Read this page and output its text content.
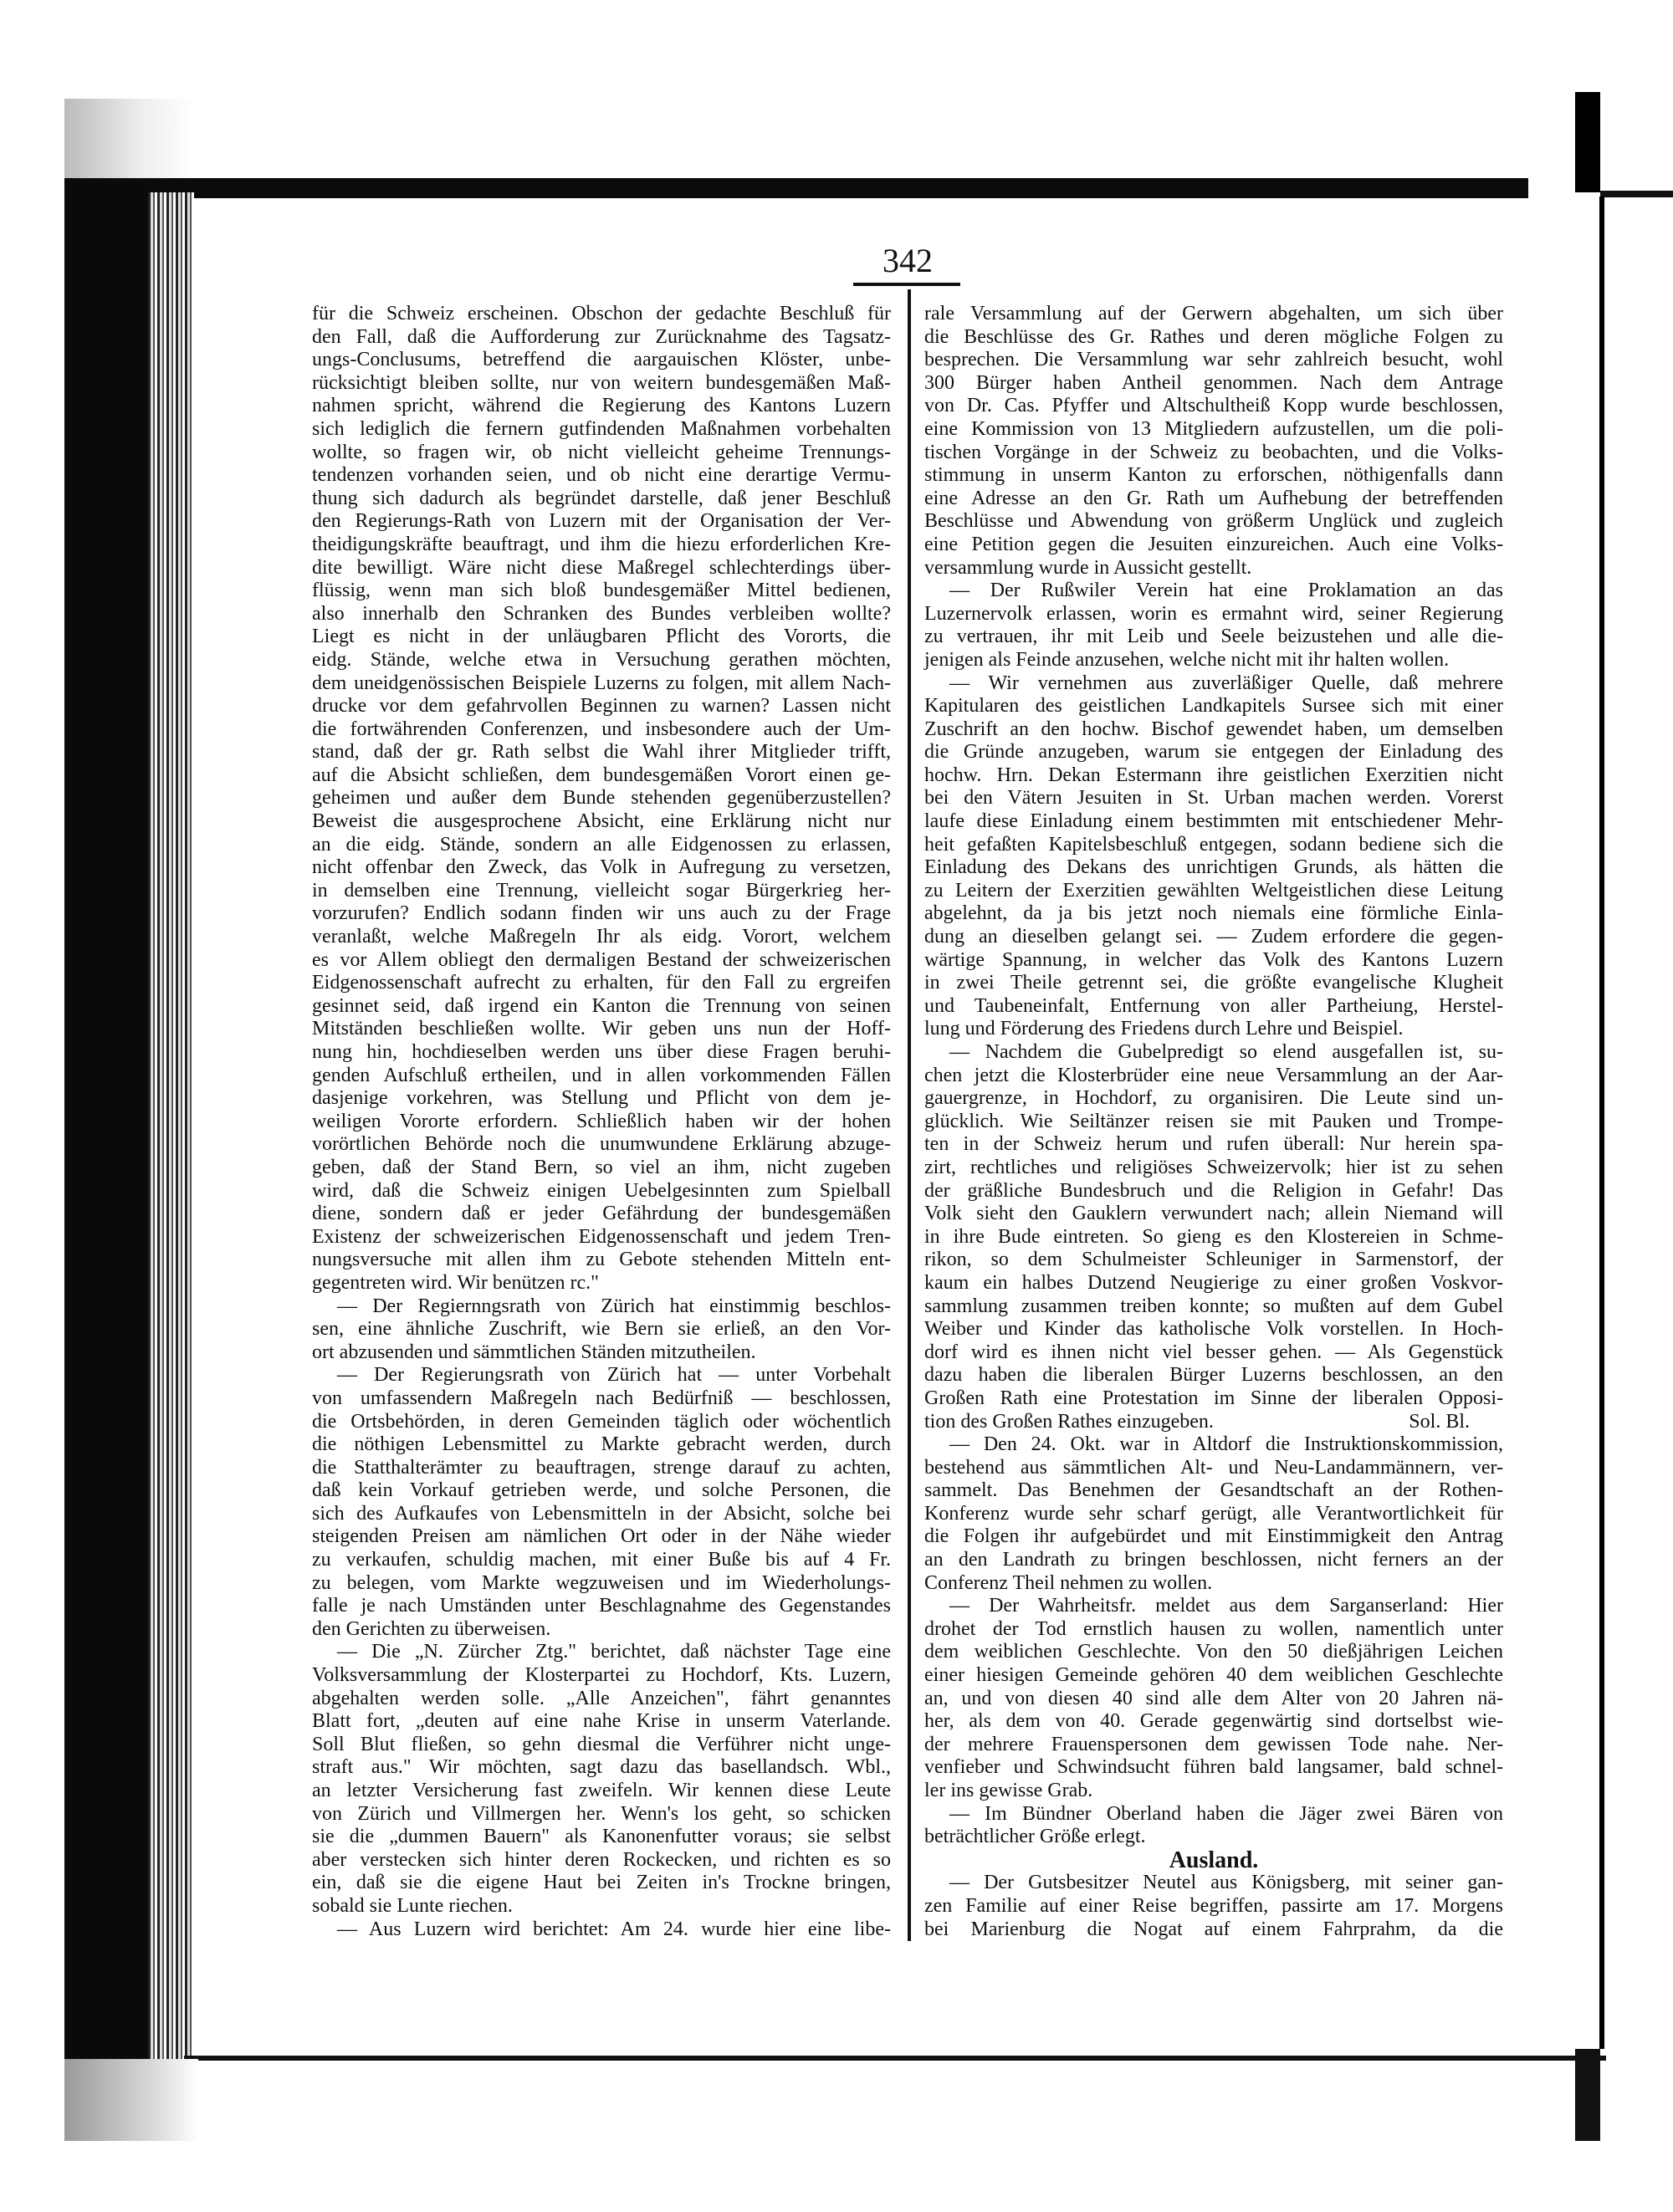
342
für die Schweiz erscheinen. Obschon der gedachte Beschluß für
den Fall, daß die Aufforderung zur Zurücknahme des Tagsatz-
ungs-Conclusums, betreffend die aargauischen Klöster, unbe-
rücksichtigt bleiben sollte, nur von weitern bundesgemäßen Maß-
nahmen spricht, während die Regierung des Kantons Luzern
sich lediglich die fernern gutfindenden Maßnahmen vorbehalten
wollte, so fragen wir, ob nicht vielleicht geheime Trennungs-
tendenzen vorhanden seien, und ob nicht eine derartige Vermu-
thung sich dadurch als begründet darstelle, daß jener Beschluß
den Regierungs-Rath von Luzern mit der Organisation der Ver-
theidigungskräfte beauftragt, und ihm die hiezu erforderlichen Kre-
dite bewilligt. Wäre nicht diese Maßregel schlechterdings über-
flüssig, wenn man sich bloß bundesgemäßer Mittel bedienen,
also innerhalb den Schranken des Bundes verbleiben wollte?
Liegt es nicht in der unläugbaren Pflicht des Vororts, die
eidg. Stände, welche etwa in Versuchung gerathen möchten,
dem uneidgenössischen Beispiele Luzerns zu folgen, mit allem Nach-
drucke vor dem gefahrvollen Beginnen zu warnen? Lassen nicht
die fortwährenden Conferenzen, und insbesondere auch der Um-
stand, daß der gr. Rath selbst die Wahl ihrer Mitglieder trifft,
auf die Absicht schließen, dem bundesgemäßen Vorort einen ge-
geheimen und außer dem Bunde stehenden gegenüberzustellen?
Beweist die ausgesprochene Absicht, eine Erklärung nicht nur
an die eidg. Stände, sondern an alle Eidgenossen zu erlassen,
nicht offenbar den Zweck, das Volk in Aufregung zu versetzen,
in demselben eine Trennung, vielleicht sogar Bürgerkrieg her-
vorzurufen? Endlich sodann finden wir uns auch zu der Frage
veranlaßt, welche Maßregeln Ihr als eidg. Vorort, welchem
es vor Allem obliegt den dermaligen Bestand der schweizerischen
Eidgenossenschaft aufrecht zu erhalten, für den Fall zu ergreifen
gesinnet seid, daß irgend ein Kanton die Trennung von seinen
Mitständen beschließen wollte. Wir geben uns nun der Hoff-
nung hin, hochdieselben werden uns über diese Fragen beruhi-
genden Aufschluß ertheilen, und in allen vorkommenden Fällen
dasjenige vorkehren, was Stellung und Pflicht von dem je-
weiligen Vororte erfordern. Schließlich haben wir der hohen
vorörtlichen Behörde noch die unumwundene Erklärung abzuge-
geben, daß der Stand Bern, so viel an ihm, nicht zugeben
wird, daß die Schweiz einigen Uebelgesinnten zum Spielball
diene, sondern daß er jeder Gefährdung der bundesgemäßen
Existenz der schweizerischen Eidgenossenschaft und jedem Tren-
nungsversuche mit allen ihm zu Gebote stehenden Mitteln ent-
gegentreten wird. Wir benützen rc."
— Der Regiernngsrath von Zürich hat einstimmig beschlos-
sen, eine ähnliche Zuschrift, wie Bern sie erließ, an den Vor-
ort abzusenden und sämmtlichen Ständen mitzutheilen.
— Der Regierungsrath von Zürich hat — unter Vorbehalt
von umfassendern Maßregeln nach Bedürfniß — beschlossen,
die Ortsbehörden, in deren Gemeinden täglich oder wöchentlich
die nöthigen Lebensmittel zu Markte gebracht werden, durch
die Statthalterämter zu beauftragen, strenge darauf zu achten,
daß kein Vorkauf getrieben werde, und solche Personen, die
sich des Aufkaufes von Lebensmitteln in der Absicht, solche bei
steigenden Preisen am nämlichen Ort oder in der Nähe wieder
zu verkaufen, schuldig machen, mit einer Buße bis auf 4 Fr.
zu belegen, vom Markte wegzuweisen und im Wiederholungs-
falle je nach Umständen unter Beschlagnahme des Gegenstandes
den Gerichten zu überweisen.
— Die „N. Zürcher Ztg." berichtet, daß nächster Tage eine
Volksversammlung der Klosterpartei zu Hochdorf, Kts. Luzern,
abgehalten werden solle. „Alle Anzeichen", fährt genanntes
Blatt fort, „deuten auf eine nahe Krise in unserm Vaterlande.
Soll Blut fließen, so gehn diesmal die Verführer nicht unge-
straft aus." Wir möchten, sagt dazu das basellandsch. Wbl.,
an letzter Versicherung fast zweifeln. Wir kennen diese Leute
von Zürich und Villmergen her. Wenn's los geht, so schicken
sie die „dummen Bauern" als Kanonenfutter voraus; sie selbst
aber verstecken sich hinter deren Rockecken, und richten es so
ein, daß sie die eigene Haut bei Zeiten in's Trockne bringen,
sobald sie Lunte riechen.
— Aus Luzern wird berichtet: Am 24. wurde hier eine libe-
rale Versammlung auf der Gerwern abgehalten, um sich über
die Beschlüsse des Gr. Rathes und deren mögliche Folgen zu
besprechen. Die Versammlung war sehr zahlreich besucht, wohl
300 Bürger haben Antheil genommen. Nach dem Antrage
von Dr. Cas. Pfyffer und Altschultheiß Kopp wurde beschlossen,
eine Kommission von 13 Mitgliedern aufzustellen, um die poli-
tischen Vorgänge in der Schweiz zu beobachten, und die Volks-
stimmung in unserm Kanton zu erforschen, nöthigenfalls dann
eine Adresse an den Gr. Rath um Aufhebung der betreffenden
Beschlüsse und Abwendung von größerm Unglück und zugleich
eine Petition gegen die Jesuiten einzureichen. Auch eine Volks-
versammlung wurde in Aussicht gestellt.
— Der Rußwiler Verein hat eine Proklamation an das
Luzernervolk erlassen, worin es ermahnt wird, seiner Regierung
zu vertrauen, ihr mit Leib und Seele beizustehen und alle die-
jenigen als Feinde anzusehen, welche nicht mit ihr halten wollen.
— Wir vernehmen aus zuverläßiger Quelle, daß mehrere
Kapitularen des geistlichen Landkapitels Sursee sich mit einer
Zuschrift an den hochw. Bischof gewendet haben, um demselben
die Gründe anzugeben, warum sie entgegen der Einladung des
hochw. Hrn. Dekan Estermann ihre geistlichen Exerzitien nicht
bei den Vätern Jesuiten in St. Urban machen werden. Vorerst
laufe diese Einladung einem bestimmten mit entschiedener Mehr-
heit gefaßten Kapitelsbeschluß entgegen, sodann bediene sich die
Einladung des Dekans des unrichtigen Grunds, als hätten die
zu Leitern der Exerzitien gewählten Weltgeistlichen diese Leitung
abgelehnt, da ja bis jetzt noch niemals eine förmliche Einla-
dung an dieselben gelangt sei. — Zudem erfordere die gegen-
wärtige Spannung, in welcher das Volk des Kantons Luzern
in zwei Theile getrennt sei, die größte evangelische Klugheit
und Taubeneinfalt, Entfernung von aller Partheiung, Herstel-
lung und Förderung des Friedens durch Lehre und Beispiel.
— Nachdem die Gubelpredigt so elend ausgefallen ist, su-
chen jetzt die Klosterbrüder eine neue Versammlung an der Aar-
gauergrenze, in Hochdorf, zu organisiren. Die Leute sind un-
glücklich. Wie Seiltänzer reisen sie mit Pauken und Trompe-
ten in der Schweiz herum und rufen überall: Nur herein spa-
zirt, rechtliches und religiöses Schweizervolk; hier ist zu sehen
der gräßliche Bundesbruch und die Religion in Gefahr! Das
Volk sieht den Gauklern verwundert nach; allein Niemand will
in ihre Bude eintreten. So gieng es den Klostereien in Schme-
rikon, so dem Schulmeister Schleuniger in Sarmenstorf, der
kaum ein halbes Dutzend Neugierige zu einer großen Voskvor-
sammlung zusammen treiben konnte; so mußten auf dem Gubel
Weiber und Kinder das katholische Volk vorstellen. In Hoch-
dorf wird es ihnen nicht viel besser gehen. — Als Gegenstück
dazu haben die liberalen Bürger Luzerns beschlossen, an den
Großen Rath eine Protestation im Sinne der liberalen Opposi-
tion des Großen Rathes einzugeben.	Sol. Bl.
— Den 24. Okt. war in Altdorf die Instruktionskommission,
bestehend aus sämmtlichen Alt- und Neu-Landammännern, ver-
sammelt. Das Benehmen der Gesandtschaft an der Rothen-
Konferenz wurde sehr scharf gerügt, alle Verantwortlichkeit für
die Folgen ihr aufgebürdet und mit Einstimmigkeit den Antrag
an den Landrath zu bringen beschlossen, nicht ferners an der
Conferenz Theil nehmen zu wollen.
— Der Wahrheitsfr. meldet aus dem Sarganserland: Hier
drohet der Tod ernstlich hausen zu wollen, namentlich unter
dem weiblichen Geschlechte. Von den 50 dießjährigen Leichen
einer hiesigen Gemeinde gehören 40 dem weiblichen Geschlechte
an, und von diesen 40 sind alle dem Alter von 20 Jahren nä-
her, als dem von 40. Gerade gegenwärtig sind dortselbst wie-
der mehrere Frauenspersonen dem gewissen Tode nahe. Ner-
venfieber und Schwindsucht führen bald langsamer, bald schnel-
ler ins gewisse Grab.
— Im Bündner Oberland haben die Jäger zwei Bären von
beträchtlicher Größe erlegt.
Ausland.
— Der Gutsbesitzer Neutel aus Königsberg, mit seiner gan-
zen Familie auf einer Reise begriffen, passirte am 17. Morgens
bei Marienburg die Nogat auf einem Fahrprahm, da die
